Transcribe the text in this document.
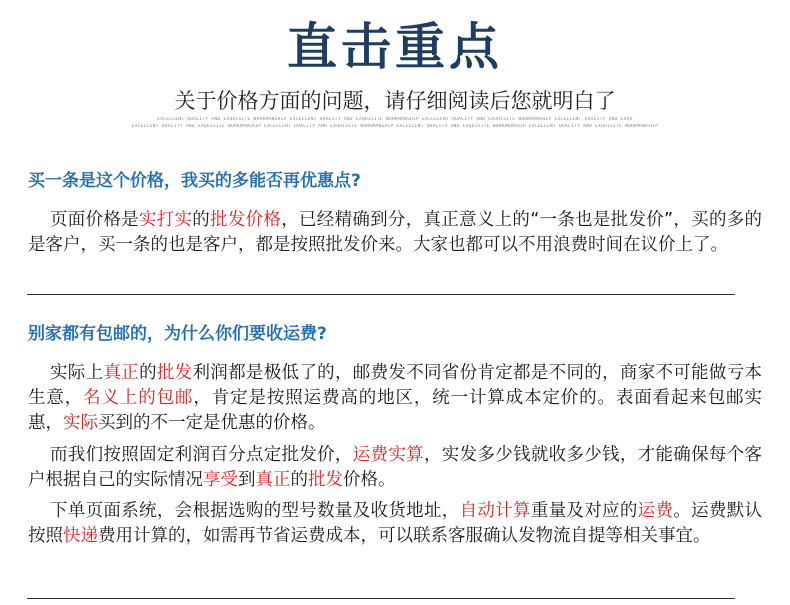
直击重点
关于价格方面的问题，请仔细阅读后您就明白了
EXCELLENT QUALITY AND EXQUISITE WORKMANSHIP EXCELLENT QUALITY AND EXQUISITE WORKMANSHIP EXCELLENT QUALITY AND EXQUISITE WORKMANSHIP EXCELLENT QUALITY AND EXQU
EXCELLENT QUALITY AND EXQUISITE WORKMANSHIP EXCELLENT QUALITY AND EXQUISITE WORKMANSHIP EXCELLENT QUALITY AND EXQUISITE WORKMANSHIP EXCELLENT QUALITY AND EXQUISITE WORKMANSHIP
买一条是这个价格，我买的多能否再优惠点?

页面价格是实打实的批发价格，已经精确到分，真正意义上的“一条也是批发价”，买的多的是客户，买一条的也是客户，都是按照批发价来。大家也都可以不用浪费时间在议价上了。

别家都有包邮的，为什么你们要收运费?

实际上真正的批发利润都是极低了的，邮费发不同省份肯定都是不同的，商家不可能做亏本生意，名义上的包邮，肯定是按照运费高的地区，统一计算成本定价的。表面看起来包邮实惠，实际买到的不一定是优惠的价格。

而我们按照固定利润百分点定批发价，运费实算，实发多少钱就收多少钱，才能确保每个客户根据自己的实际情况享受到真正的批发价格。

下单页面系统，会根据选购的型号数量及收货地址，自动计算重量及对应的运费。运费默认按照快递费用计算的，如需再节省运费成本，可以联系客服确认发物流自提等相关事宜。
